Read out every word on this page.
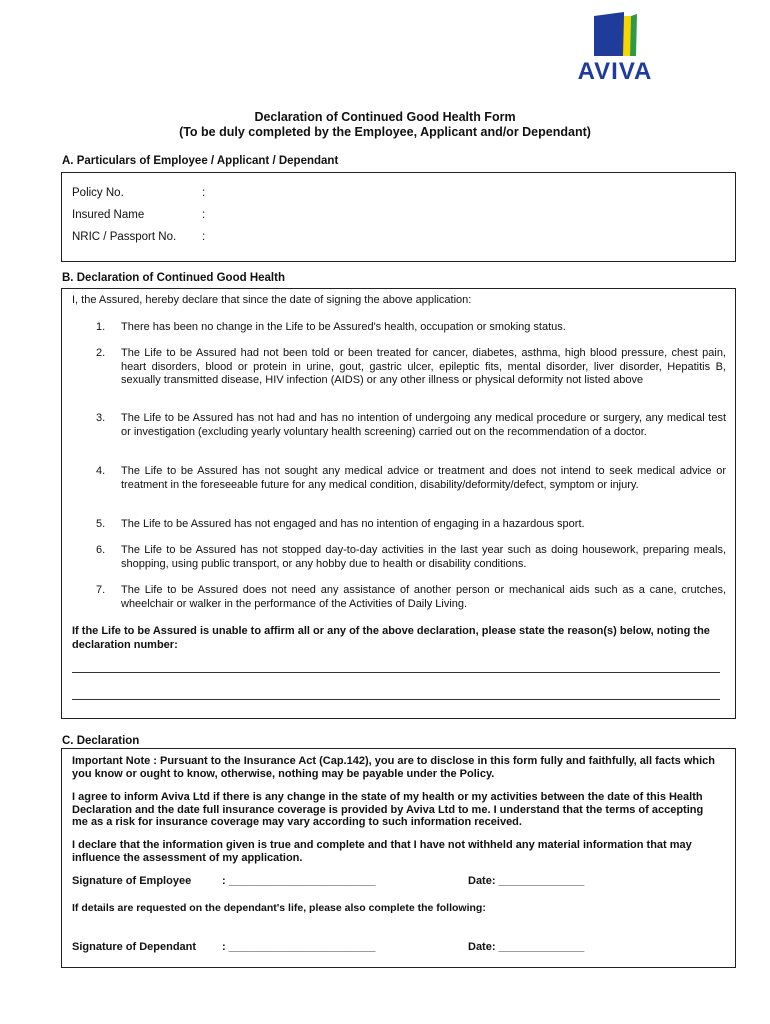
AVIVA
Declaration of Continued Good Health Form
(To be duly completed by the Employee, Applicant and/or Dependant)
A. Particulars of Employee / Applicant / Dependant
Policy No.	:
Insured Name	:
NRIC / Passport No. :
B. Declaration of Continued Good Health
I, the Assured, hereby declare that since the date of signing the above application:
1. There has been no change in the Life to be Assured's health, occupation or smoking status.
2. The Life to be Assured had not been told or been treated for cancer, diabetes, asthma, high blood pressure, chest pain, heart disorders, blood or protein in urine, gout, gastric ulcer, epileptic fits, mental disorder, liver disorder, Hepatitis B, sexually transmitted disease, HIV infection (AIDS) or any other illness or physical deformity not listed above
3. The Life to be Assured has not had and has no intention of undergoing any medical procedure or surgery, any medical test or investigation (excluding yearly voluntary health screening) carried out on the recommendation of a doctor.
4. The Life to be Assured has not sought any medical advice or treatment and does not intend to seek medical advice or treatment in the foreseeable future for any medical condition, disability/deformity/defect, symptom or injury.
5. The Life to be Assured has not engaged and has no intention of engaging in a hazardous sport.
6. The Life to be Assured has not stopped day-to-day activities in the last year such as doing housework, preparing meals, shopping, using public transport, or any hobby due to health or disability conditions.
7. The Life to be Assured does not need any assistance of another person or mechanical aids such as a cane, crutches, wheelchair or walker in the performance of the Activities of Daily Living.
If the Life to be Assured is unable to affirm all or any of the above declaration, please state the reason(s) below, noting the declaration number:
C. Declaration
Important Note : Pursuant to the Insurance Act (Cap.142), you are to disclose in this form fully and faithfully, all facts which you know or ought to know, otherwise, nothing may be payable under the Policy.
I agree to inform Aviva Ltd if there is any change in the state of my health or my activities between the date of this Health Declaration and the date full insurance coverage is provided by Aviva Ltd to me. I understand that the terms of accepting me as a risk for insurance coverage may vary according to such information received.
I declare that the information given is true and complete and that I have not withheld any material information that may influence the assessment of my application.
Signature of Employee	: ________________________	Date: ______________
If details are requested on the dependant's life, please also complete the following:
Signature of Dependant : ________________________	Date: ______________
